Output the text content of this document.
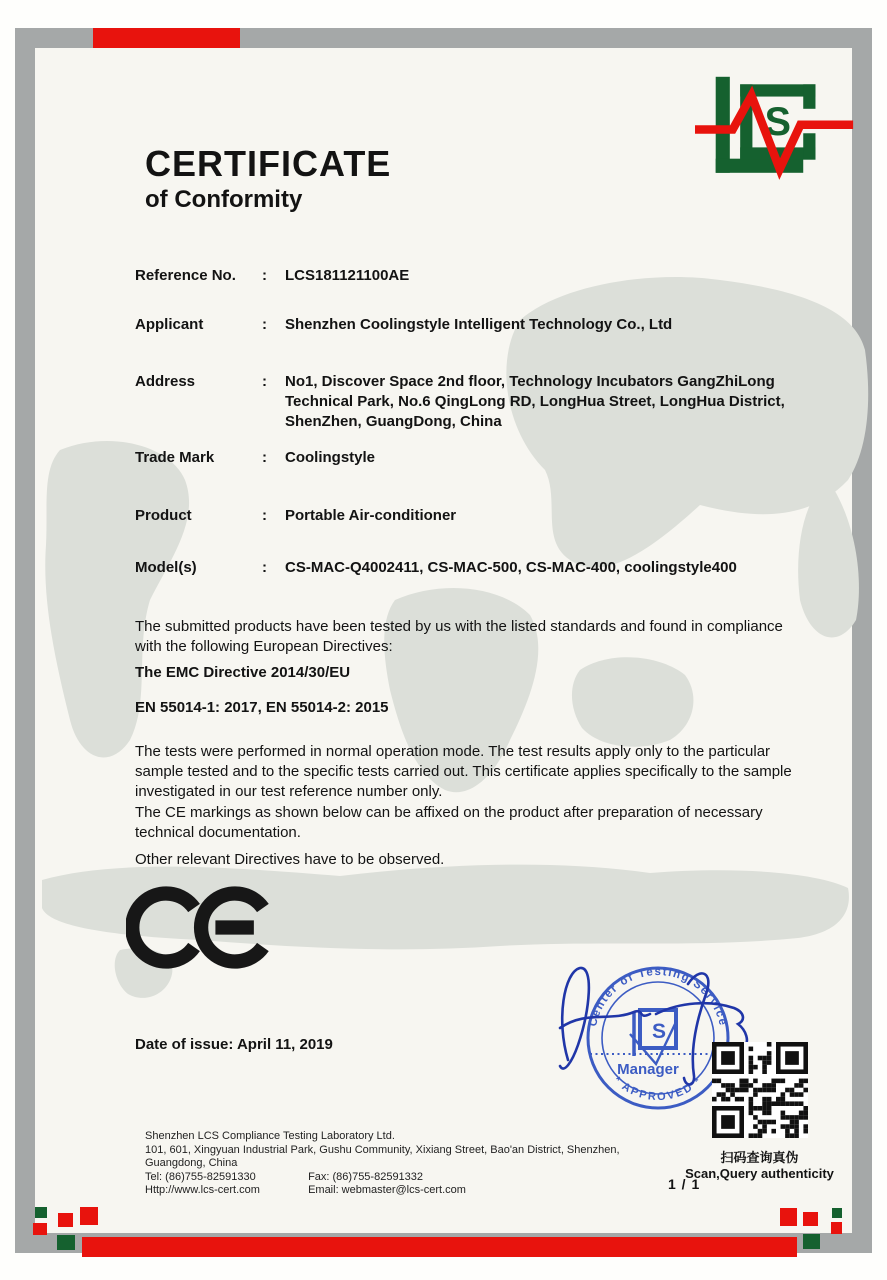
S
CERTIFICATE
of Conformity
Reference No.	:	LCS181121100AE
Applicant	:	Shenzhen Coolingstyle Intelligent Technology Co., Ltd
Address	:	No1, Discover Space 2nd floor, Technology Incubators GangZhiLong Technical Park, No.6 QingLong RD, LongHua Street, LongHua District, ShenZhen, GuangDong, China
Trade Mark	:	Coolingstyle
Product	:	Portable Air-conditioner
Model(s)	:	CS-MAC-Q4002411, CS-MAC-500, CS-MAC-400, coolingstyle400
The submitted products have been tested by us with the listed standards and found in compliance with the following European Directives:
The EMC Directive 2014/30/EU
EN 55014-1: 2017, EN 55014-2: 2015
The tests were performed in normal operation mode. The test results apply only to the particular sample tested and to the specific tests carried out. This certificate applies specifically to the sample investigated in our test reference number only.
The CE markings as shown below can be affixed on the product after preparation of necessary technical documentation.
Other relevant Directives have to be observed.
Date of issue: April 11, 2019
Center of Testing Service
* APPROVED *
S
Manager
扫码查询真伪
Scan,Query authenticity
Shenzhen LCS Compliance Testing Laboratory Ltd.
101, 601, Xingyuan Industrial Park, Gushu Community, Xixiang Street, Bao'an District, Shenzhen,
Guangdong, China
Tel: (86)755-82591330	Fax: (86)755-82591332
Http://www.lcs-cert.com	Email: webmaster@lcs-cert.com	1 / 1
